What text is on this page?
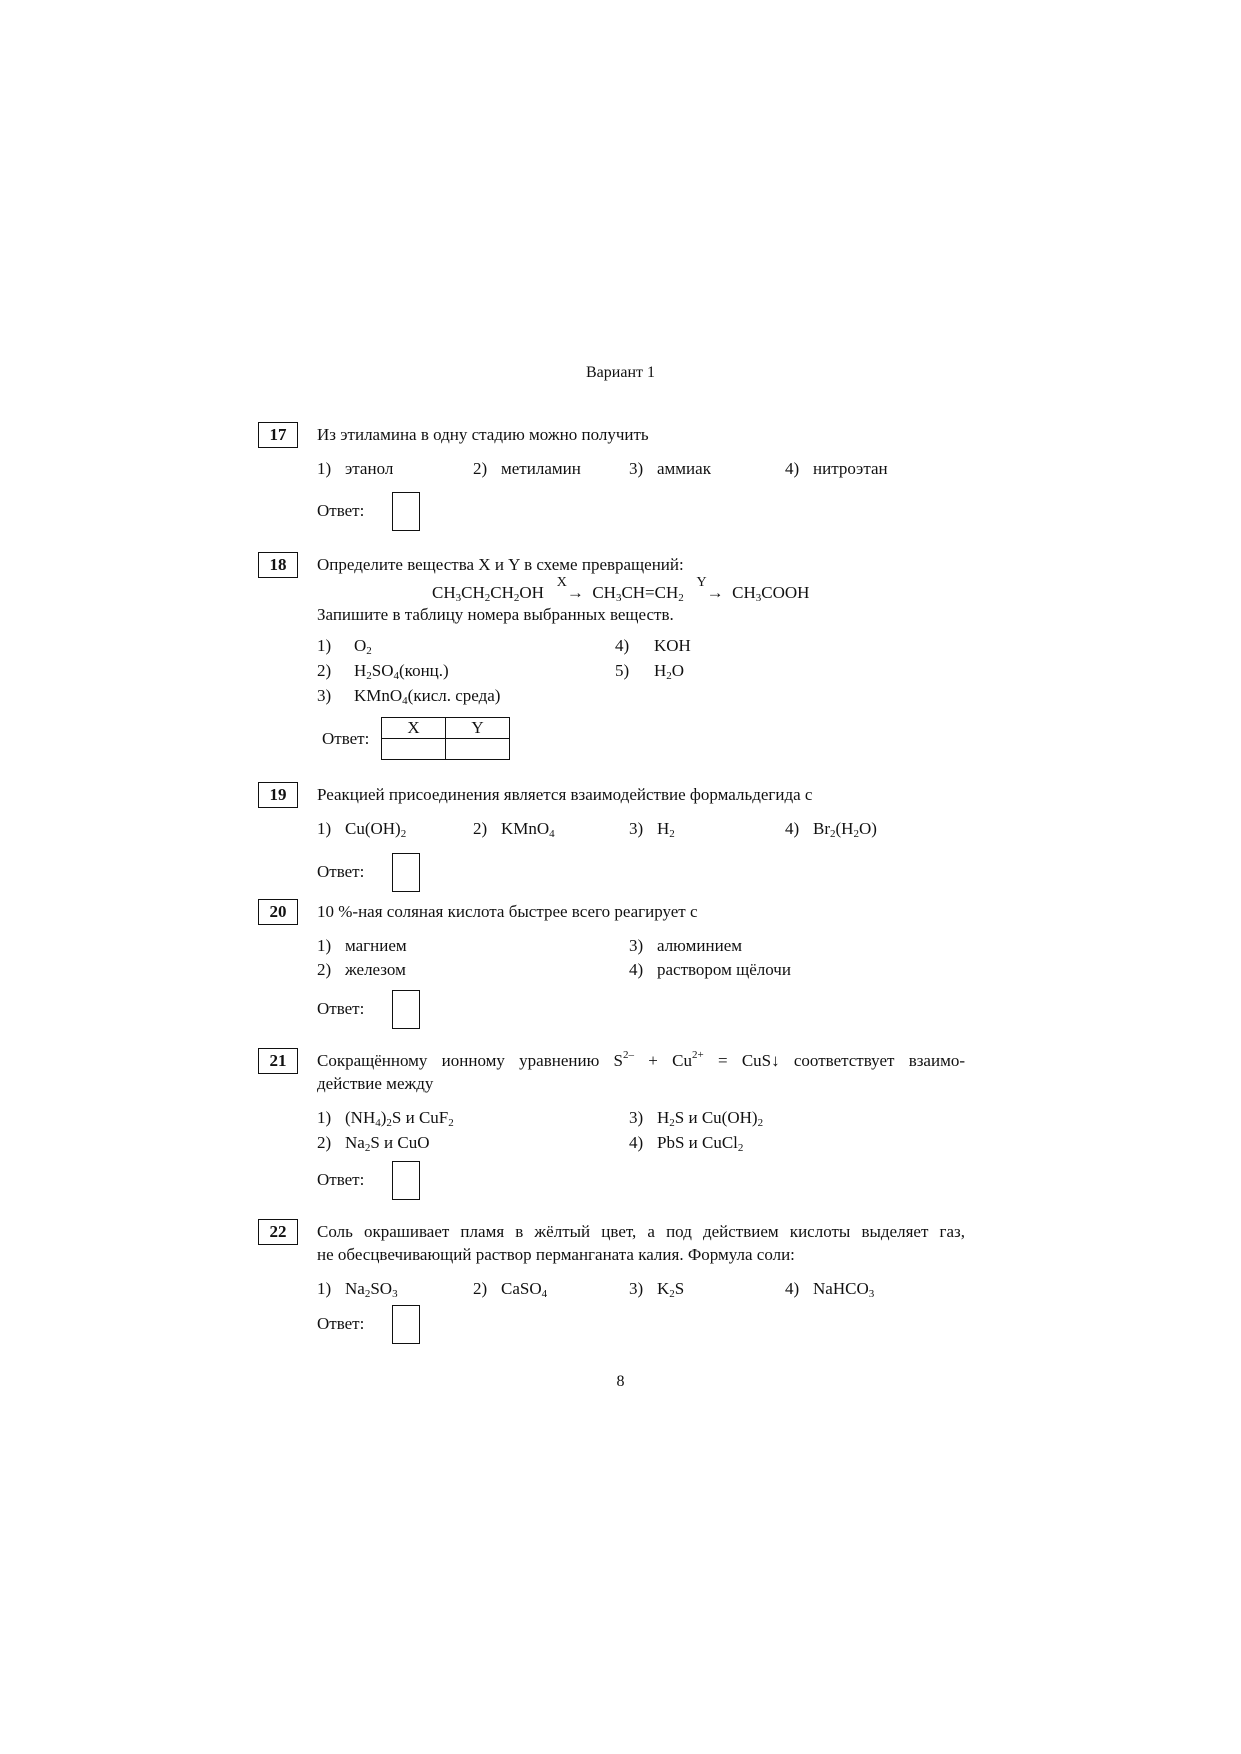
Вариант 1
17	Из этиламина в одну стадию можно получить
1) этанол	2) метиламин	3) аммиак	4) нитроэтан
Ответ:
18	Определите вещества X и Y в схеме превращений:
$CH_3CH_2CH_2OH$   $^X\to CH_3CH=CH_2$   $^Y\to CH_3COOH$
Запишите в таблицу номера выбранных веществ.
1) $O_2$
2) $H_2SO_4(конц.)$
3) KMnO$_4$(кисл. среда)
4) KOH
5) $H_2O$
Ответ:
X	Y

19	Реакцией присоединения является взаимодействие формальдегида с
1) $Cu(OH)_2$	2) KMnO$_4$	3) $H_2$	4) $Br_2(H_2O)$
Ответ:
20	10 %-ная соляная кислота быстрее всего реагирует с
1) магнием	3) алюминием
2) железом	4) раствором щёлочи
Ответ:
21	Сокращённому ионному уравнению $S^{2-} + Cu^{2+}$ = CuS↓ соответствует взаимо-
действие между
1) $(NH_4)_2S$ и CuF$_2$
2) $Na_2S$ и CuO
3) $H_2S$ и $Cu(OH)_2$
4) PbS и CuCl$_2$
Ответ:
22	Соль окрашивает пламя в жёлтый цвет, а под действием кислоты выделяет газ,
не обесцвечивающий раствор перманганата калия. Формула соли:
1) $Na_2SO_3$	2) CaSO$_4$	3) $K_2S$	4) NaHCO$_3$
Ответ:
8
